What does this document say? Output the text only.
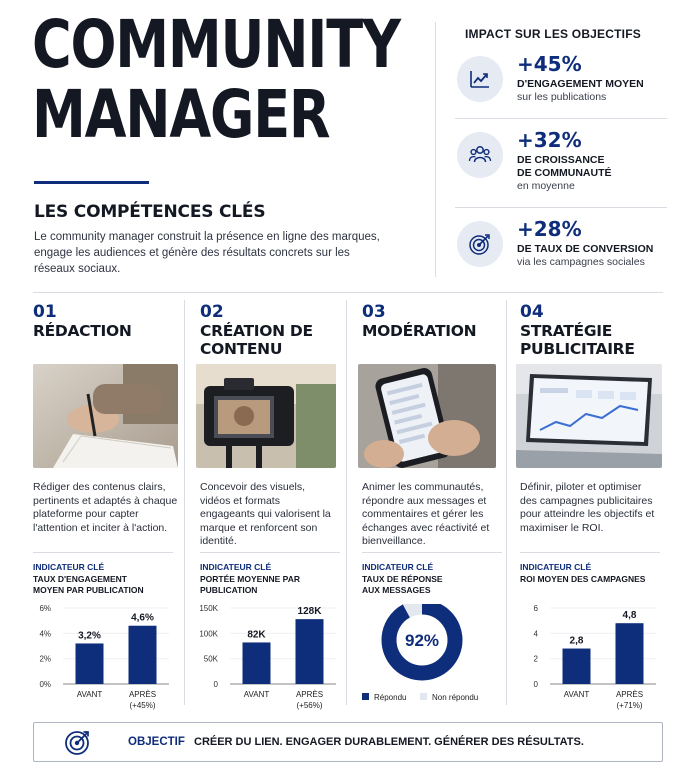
COMMUNITY
MANAGER
LES COMPÉTENCES CLÉS
Le community manager construit la présence en ligne des marques, engage les audiences et génère des résultats concrets sur les réseaux sociaux.
IMPACT SUR LES OBJECTIFS
+45%
D'ENGAGEMENT MOYEN
sur les publications
+32%
DE CROISSANCE DE COMMUNAUTÉ
en moyenne
+28%
DE TAUX DE CONVERSION
via les campagnes sociales
01
RÉDACTION
Rédiger des contenus clairs, pertinents et adaptés à chaque plateforme pour capter l'attention et inciter à l'action.
INDICATEUR CLÉ
TAUX D'ENGAGEMENT MOYEN PAR PUBLICATION
0%
2%
4%
6%
3,2%
AVANT
4,6%
APRÈS
(+45%)
02
CRÉATION DE CONTENU
Concevoir des visuels, vidéos et formats engageants qui valorisent la marque et renforcent son identité.
INDICATEUR CLÉ
PORTÉE MOYENNE PAR PUBLICATION
0
50K
100K
150K
82K
AVANT
128K
APRÈS
(+56%)
03
MODÉRATION
Animer les communautés, répondre aux messages et commentaires et gérer les échanges avec réactivité et bienveillance.
INDICATEUR CLÉ
TAUX DE RÉPONSE AUX MESSAGES
92%
Répondu	Non répondu
04
STRATÉGIE PUBLICITAIRE
Définir, piloter et optimiser des campagnes publicitaires pour atteindre les objectifs et maximiser le ROI.
INDICATEUR CLÉ
ROI MOYEN DES CAMPAGNES
0
2
4
6
2,8
AVANT
4,8
APRÈS
(+71%)
OBJECTIF CRÉER DU LIEN. ENGAGER DURABLEMENT. GÉNÉRER DES RÉSULTATS.
